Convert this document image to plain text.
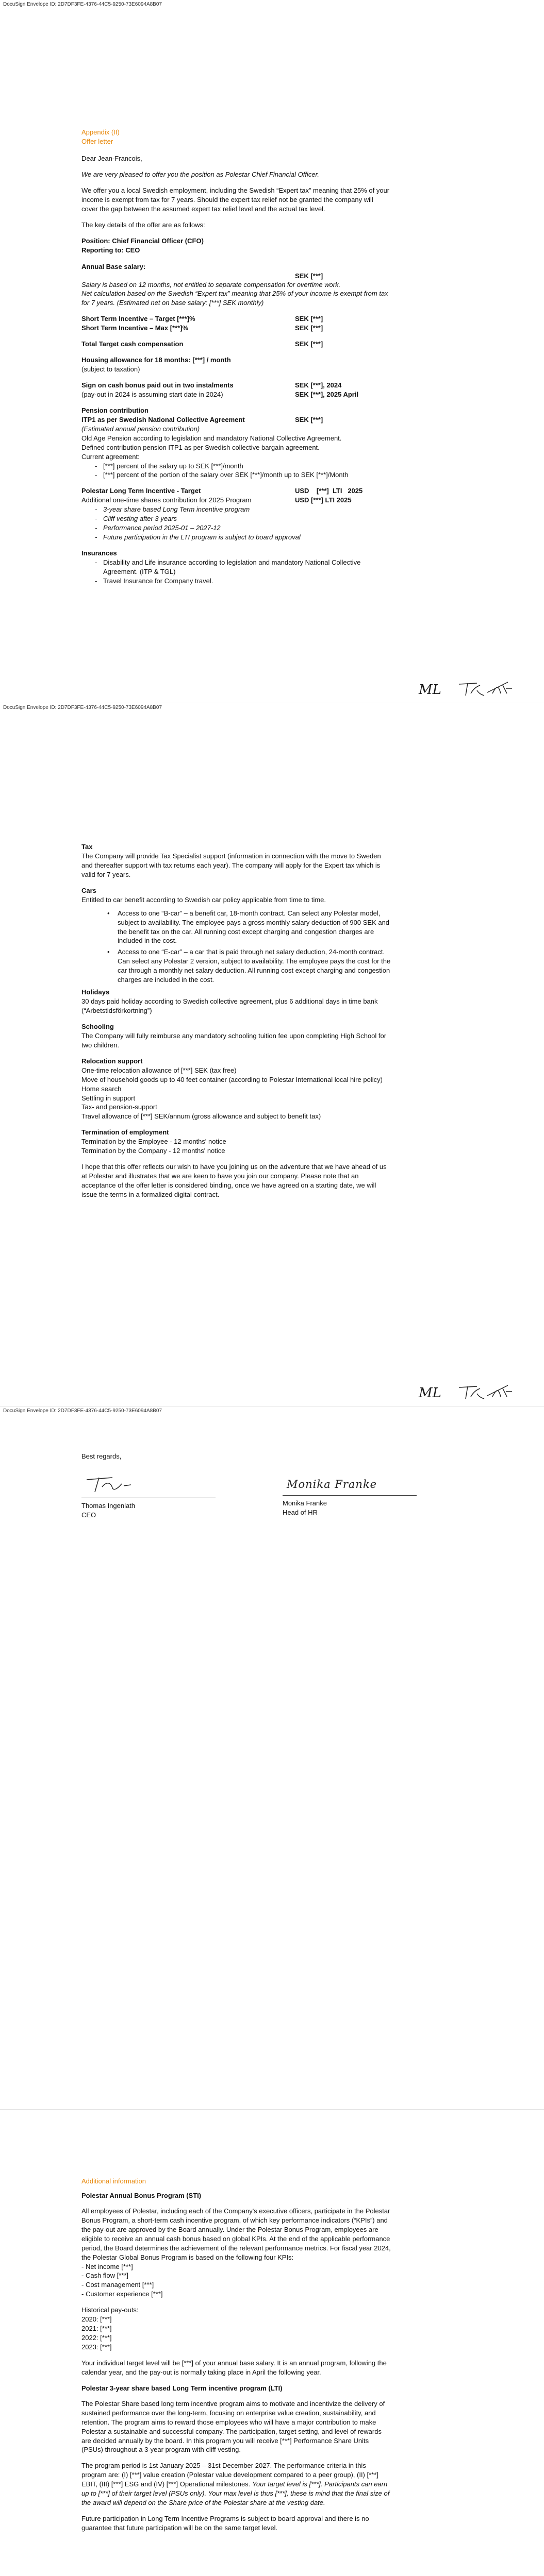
DocuSign Envelope ID: 2D7DF3FE-4376-44C5-9250-73E6094A8B07
Appendix (II)
Offer letter

Dear Jean-Francois,

We are very pleased to offer you the position as Polestar Chief Financial Officer.

We offer you a local Swedish employment, including the Swedish “Expert tax” meaning that 25% of your income is exempt from tax for 7 years. Should the expert tax relief not be granted the company will cover the gap between the assumed expert tax relief level and the actual tax level.

The key details of the offer are as follows:

Position: Chief Financial Officer (CFO)
Reporting to: CEO
Annual Base salary:
SEK [***]
Salary is based on 12 months, not entitled to separate compensation for overtime work.
Net calculation based on the Swedish “Expert tax” meaning that 25% of your income is exempt from tax for 7 years. (Estimated net on base salary: [***] SEK monthly)
Short Term Incentive – Target [***]%	SEK [***]
Short Term Incentive – Max [***]%	SEK [***]
Total Target cash compensation	SEK [***]
Housing allowance for 18 months: [***] / month
(subject to taxation)
Sign on cash bonus paid out in two instalments	SEK [***], 2024
(pay-out in 2024 is assuming start date in 2024)	SEK [***], 2025 April
Pension contribution
ITP1 as per Swedish National Collective Agreement	SEK [***]
(Estimated annual pension contribution)
Old Age Pension according to legislation and mandatory National Collective Agreement.
Defined contribution pension ITP1 as per Swedish collective bargain agreement.
Current agreement:
- [***] percent of the salary up to SEK [***]/month
- [***] percent of the portion of the salary over SEK [***]/month up to SEK [***]/Month
Polestar Long Term Incentive - Target	USD    [***]  LTI   2025
Additional one-time shares contribution for 2025 Program	USD [***] LTI 2025
- 3-year share based Long Term incentive program
- Cliff vesting after 3 years
- Performance period 2025-01 – 2027-12
- Future participation in the LTI program is subject to board approval
Insurances
- Disability and Life insurance according to legislation and mandatory National Collective Agreement. (ITP & TGL)
- Travel Insurance for Company travel.
ML
DocuSign Envelope ID: 2D7DF3FE-4376-44C5-9250-73E6094A8B07
Tax

The Company will provide Tax Specialist support (information in connection with the move to Sweden and thereafter support with tax returns each year). The company will apply for the Expert tax which is valid for 7 years.

Cars
Entitled to car benefit according to Swedish car policy applicable from time to time.
• Access to one “B-car” – a benefit car, 18-month contract. Can select any Polestar model, subject to availability. The employee pays a gross monthly salary deduction of 900 SEK and the benefit tax on the car. All running cost except charging and congestion charges are included in the cost.
• Access to one “E-car” – a car that is paid through net salary deduction, 24-month contract. Can select any Polestar 2 version, subject to availability. The employee pays the cost for the car through a monthly net salary deduction. All running cost except charging and congestion charges are included in the cost.
Holidays

30 days paid holiday according to Swedish collective agreement, plus 6 additional days in time bank (“Arbetstidsförkortning”)

Schooling

The Company will fully reimburse any mandatory schooling tuition fee upon completing High School for two children.

Relocation support
One-time relocation allowance of [***] SEK (tax free)
Move of household goods up to 40 feet container (according to Polestar International local hire policy)
Home search
Settling in support
Tax- and pension-support
Travel allowance of [***] SEK/annum (gross allowance and subject to benefit tax)
Termination of employment
Termination by the Employee - 12 months' notice
Termination by the Company - 12 months' notice

I hope that this offer reflects our wish to have you joining us on the adventure that we have ahead of us at Polestar and illustrates that we are keen to have you join our company. Please note that an acceptance of the offer letter is considered binding, once we have agreed on a starting date, we will issue the terms in a formalized digital contract.

ML
DocuSign Envelope ID: 2D7DF3FE-4376-44C5-9250-73E6094A8B07
Best regards,
Thomas Ingenlath
CEO
Monika Franke
Monika Franke
Head of HR
Additional information
Polestar Annual Bonus Program (STI)
All employees of Polestar, including each of the Company's executive officers, participate in the Polestar Bonus Program, a short-term cash incentive program, of which key performance indicators (“KPIs”) and the pay-out are approved by the Board annually. Under the Polestar Bonus Program, employees are eligible to receive an annual cash bonus based on global KPIs. At the end of the applicable performance period, the Board determines the achievement of the relevant performance metrics. For fiscal year 2024, the Polestar Global Bonus Program is based on the following four KPIs:
- Net income [***]
- Cash flow [***]
- Cost management [***]
- Customer experience [***]
Historical pay-outs:
2020: [***]
2021: [***]
2022: [***]
2023: [***]

Your individual target level will be [***] of your annual base salary. It is an annual program, following the calendar year, and the pay-out is normally taking place in April the following year.

Polestar 3-year share based Long Term incentive program (LTI)

The Polestar Share based long term incentive program aims to motivate and incentivize the delivery of sustained performance over the long-term, focusing on enterprise value creation, sustainability, and retention. The program aims to reward those employees who will have a major contribution to make Polestar a sustainable and successful company. The participation, target setting, and level of rewards are decided annually by the board. In this program you will receive [***] Performance Share Units (PSUs) throughout a 3-year program with cliff vesting.

The program period is 1st January 2025 – 31st December 2027. The performance criteria in this program are: (I) [***] value creation (Polestar value development compared to a peer group), (II) [***] EBIT, (III) [***] ESG and (IV) [***] Operational milestones. Your target level is [***]. Participants can earn up to [***] of their target level (PSUs only). Your max level is thus [***], these is mind that the final size of the award will depend on the Share price of the Polestar share at the vesting date.

Future participation in Long Term Incentive Programs is subject to board approval and there is no guarantee that future participation will be on the same target level.
